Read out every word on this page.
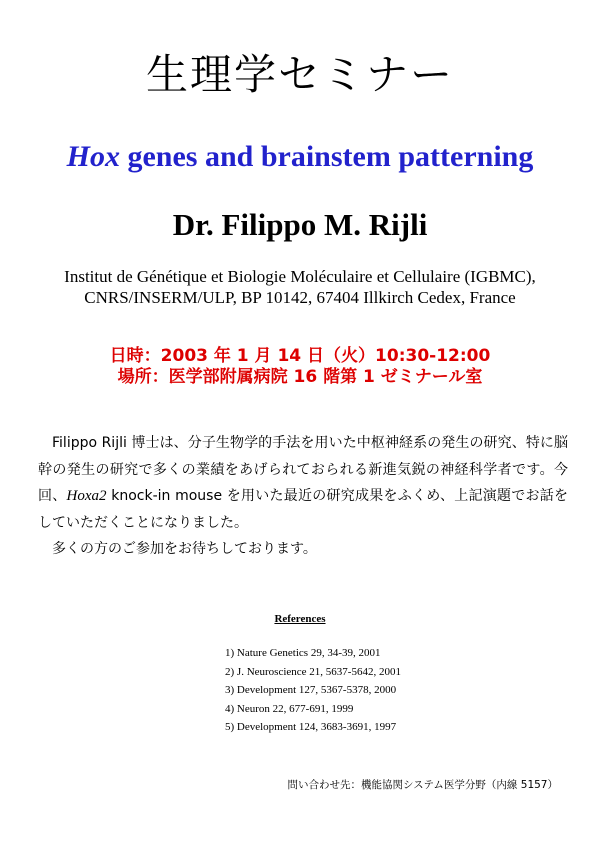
生理学セミナー
Hox genes and brainstem patterning
Dr. Filippo M. Rijli
Institut de Génétique et Biologie Moléculaire et Cellulaire (IGBMC),
CNRS/INSERM/ULP, BP 10142, 67404 Illkirch Cedex, France
日時：2003 年 1 月 14 日（火）10:30-12:00
場所：医学部附属病院 16 階第 1 ゼミナール室

 Filippo Rijli 博士は、分子生物学的手法を用いた中枢神経系の発生の研究、特に脳幹の発生の研究で多くの業績をあげられておられる新進気鋭の神経科学者です。今回、Hoxa2 knock-in mouse を用いた最近の研究成果をふくめ、上記演題でお話をしていただくことになりました。

 多くの方のご参加をお待ちしております。

References
1) Nature Genetics 29, 34-39, 2001
2) J. Neuroscience 21, 5637-5642, 2001
3) Development 127, 5367-5378, 2000
4) Neuron 22, 677-691, 1999
5) Development 124, 3683-3691, 1997
問い合わせ先：機能協関システム医学分野（内線 5157）
